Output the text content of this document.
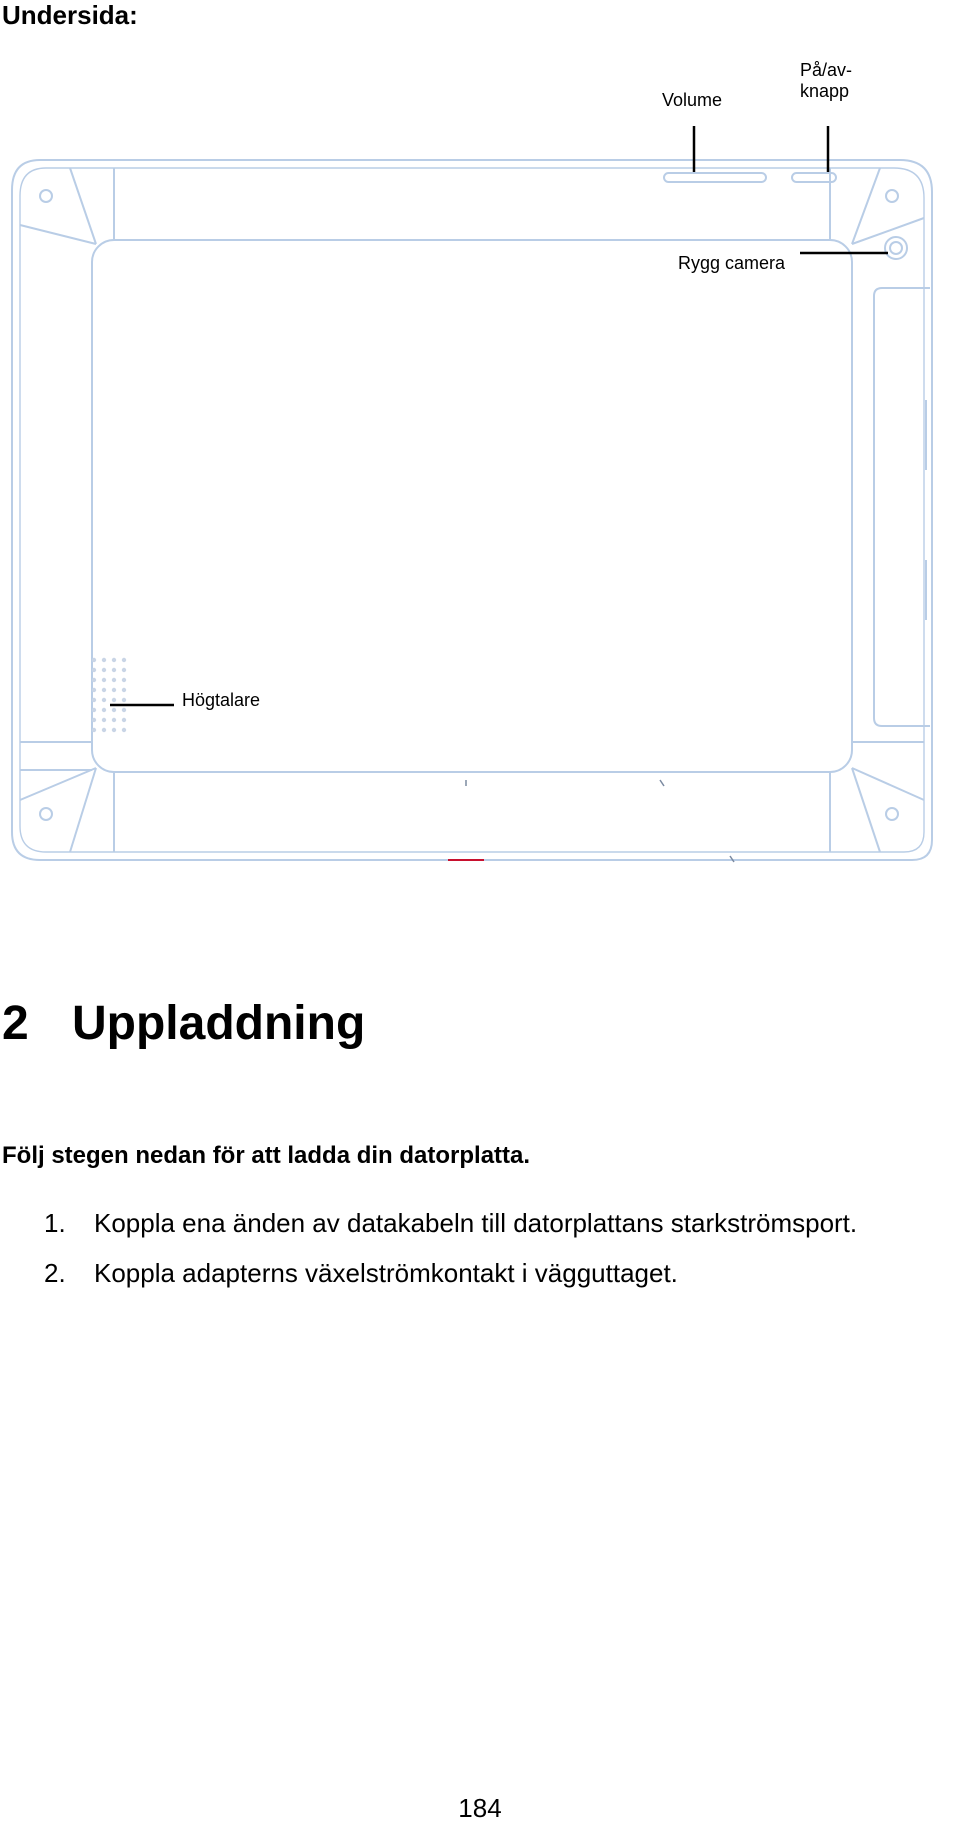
Undersida:
Volume
På/av-
knapp
Rygg camera
Högtalare
2 Uppladdning
Följ stegen nedan för att ladda din datorplatta.
1. Koppla ena änden av datakabeln till datorplattans starkströmsport.
2. Koppla adapterns växelströmkontakt i vägguttaget.
184
